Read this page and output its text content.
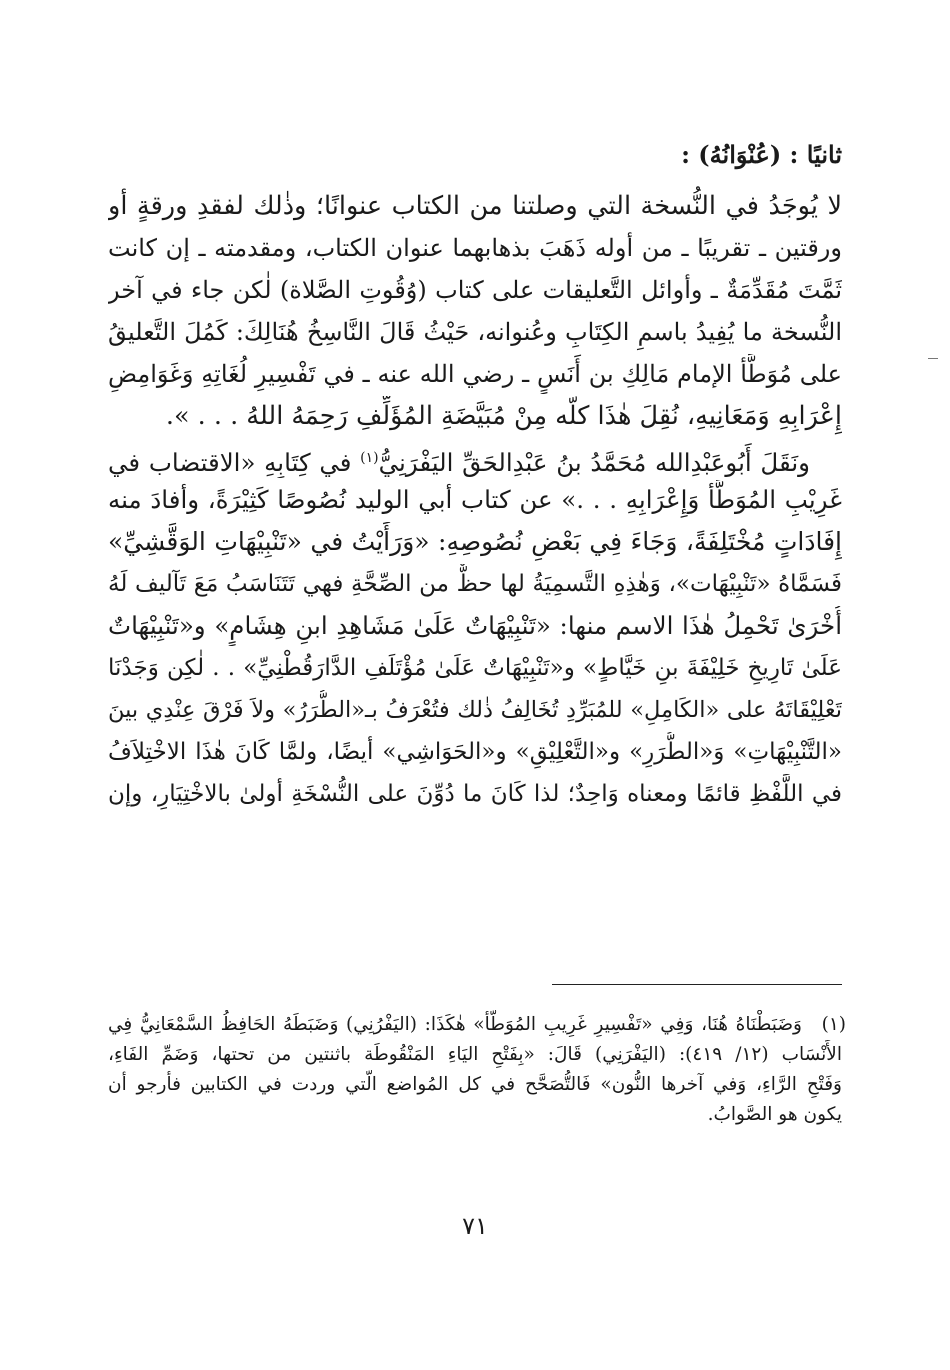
ثانيًا : (عُنْوَانُهُ) :
لا يُوجَدُ في النُّسخة التي وصلتنا من الكتاب عنوانًا؛ وذٰلك لفقدِ ورقةٍ أو
ورقتين ـ تقريبًا ـ من أوله ذَهَبَ بذهابهما عنوان الكتاب، ومقدمته ـ إن كانت
ثَمَّتَ مُقَدِّمَةٌ ـ وأوائل التَّعليقات على كتاب (وُقُوتِ الصَّلاة) لٰكن جاء في آخر
النُّسخة ما يُفِيدُ باسمِ الكِتَابِ وعُنوانه، حَيْثُ قَالَ النَّاسِخُ هُنَالِكَ: كَمُلَ التَّعليقُ
على مُوَطَّأ الإمام مَالِكِ بن أَنَسٍ ـ رضي الله عنه ـ في تَفْسِيرِ لُغَاتِهِ وَغَوَامِضِ
إِعْرَابِهِ وَمَعَانِيهِ، نُقِلَ هٰذَا كلُّه مِنْ مُبَيَّضَةِ المُؤَلِّفِ رَحِمَهُ اللهُ . . . ».
ونَقَلَ أَبُوعَبْدِالله مُحَمَّدُ بنُ عَبْدِالحَقِّ اليَفْرَنِيُّ$^{(١)}$ في كِتَابِهِ «الاقتضاب في
غَرِيْبِ المُوَطَّأ وَإِعْرَابِهِ . . .» عن كتاب أبي الوليد نُصُوصًا كَثِيْرَةً، وأفادَ منه
إِفَادَاتٍ مُخْتَلِفَةً، وَجَاءَ فِي بَعْضِ نُصُوصِهِ: «وَرَأَيْتُ في «تَنْبِيْهَاتِ الوَقَّشِيِّ»
فَسَمَّاهُ «تَنْبِيْهَات»، وَهٰذِهِ التَّسمِيَةُ لها حظٌّ من الصِّحَّةِ فهي تَتَنَاسَبُ مَعَ تَآليف لَهُ
أُخْرَىٰ تَحْمِلُ هٰذَا الاسم منها: «تَنْبِيْهَاتٌ عَلَىٰ مَشَاهِدِ ابنِ هِشَامٍ» و«تَنْبِيْهَاتٌ
عَلَىٰ تَارِيخِ خَلِيْفَةَ بنِ خَيَّاطٍ» و«تَنْبِيْهَاتٌ عَلَىٰ مُؤْتَلَفِ الدَّارَقُطْنِيِّ» . . لٰكِن وَجَدْنَا
تَعْلِيْقَاتَهُ على «الكَامِلِ» للمُبَرِّدِ تُخَالِفُ ذٰلك فتُعْرَفُ بـ«الطُّرَرُ» ولاَ فَرْقَ عِنْدِي بينَ
«التَّنْبِيْهَاتِ» وَ«الطُّرَرِ» و«التَّعْلِيْقِ» و«الحَوَاشِي» أيضًا، ولمَّا كَانَ هٰذَا الاخْتِلاَفُ
في اللَّفْظِ قائمًا ومعناه وَاحِدٌ؛ لذا كَانَ ما دُوِّنَ على النُّسْخَةِ أولىٰ بالاخْتِيَارِ، وإن
(١)
وَضَبَطْنَاهُ هُنَا، وَفِي «تَفْسِيرِ غَرِيبِ المُوَطَّأ» هٰكَذَا: (اليَفْرُنِي) وَضَبَطَهُ الحَافِظُ السَّمْعَانِيُّ فِي
الأَنْسَاب (١٢/ ٤١٩): (اليَفْرَنِي) قَالَ: «بِفَتْحِ اليَاءِ المَنْقُوطَة باثنتين من تحتها، وَضَمِّ الفَاءِ،
وَفَتْحِ الرَّاءِ، وَفي آخرها النُّون» فَالتُّصَحَّح في كل المُواضع الَّتي وردت في الكتابين فأرجو أن
يكون هو الصَّوابُ.
٧١
